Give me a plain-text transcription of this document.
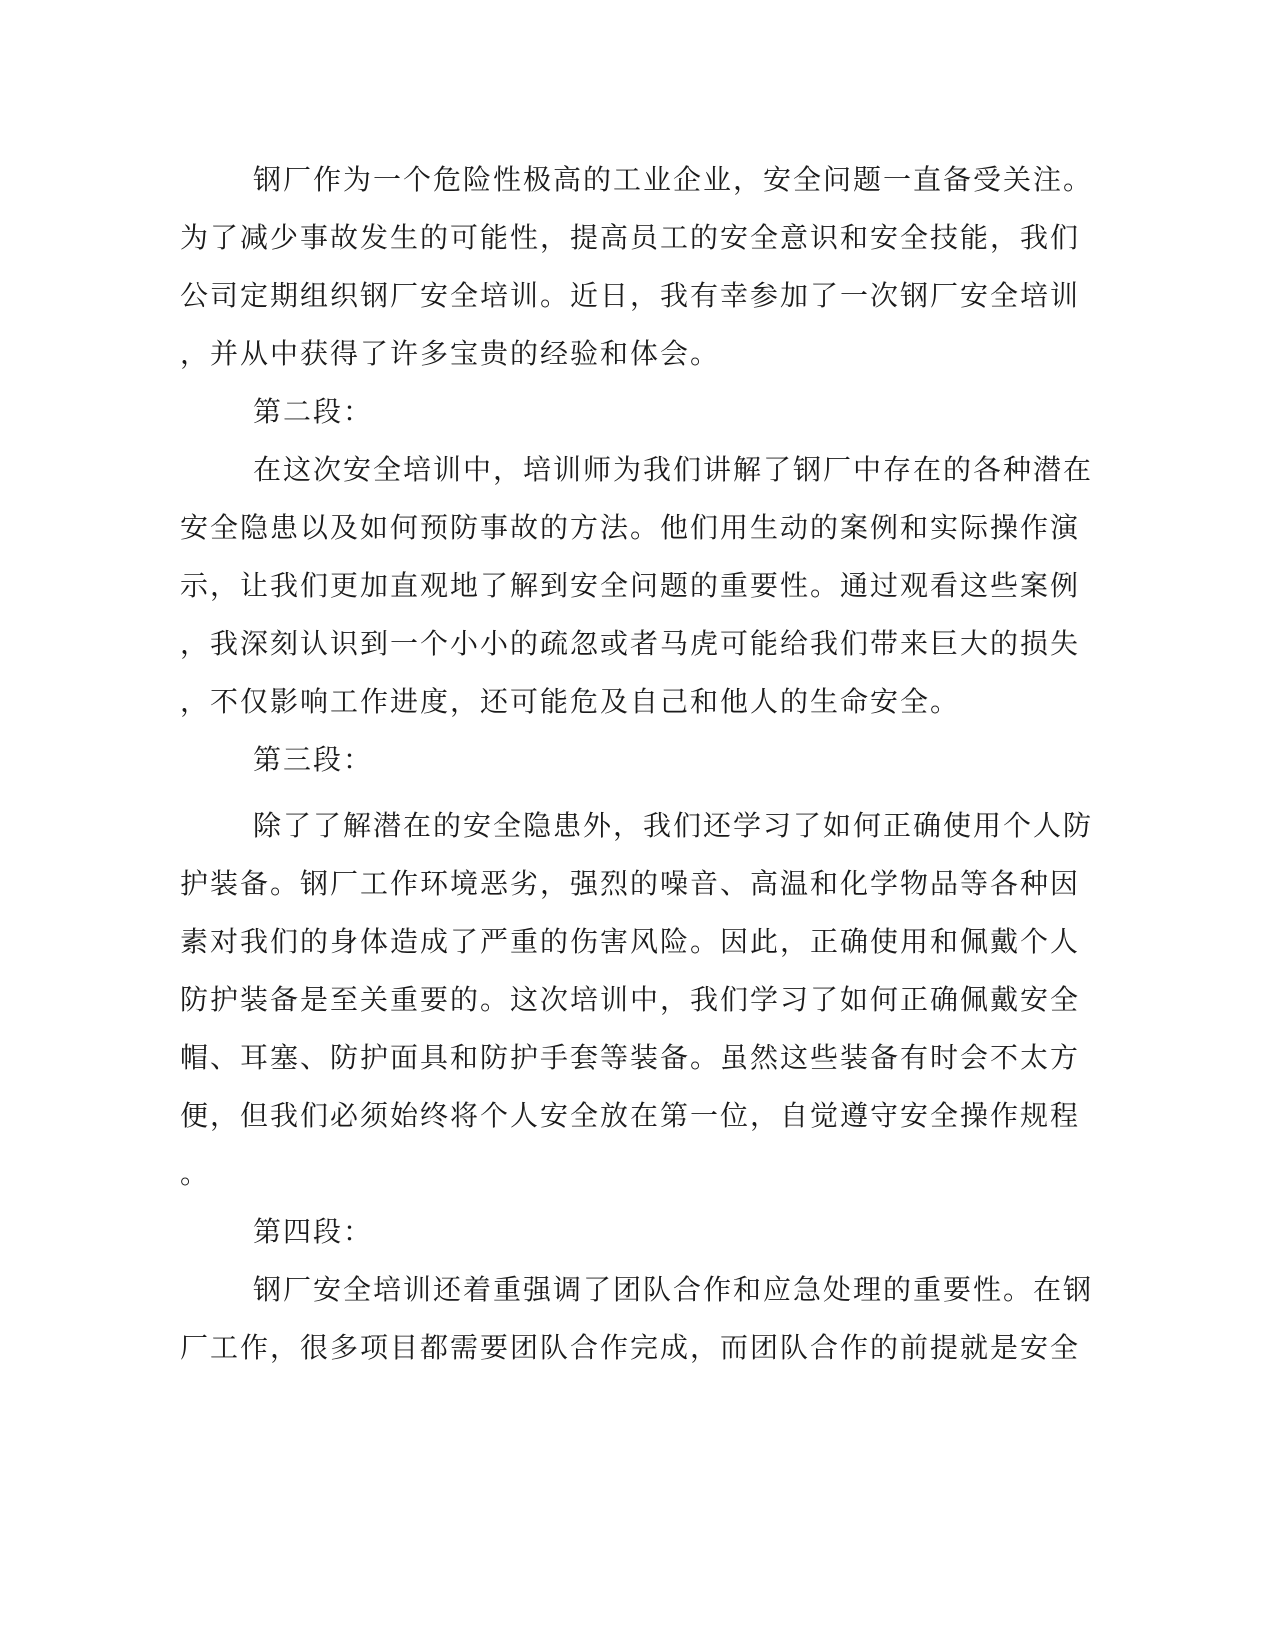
钢厂作为一个危险性极高的工业企业，安全问题一直备受关注。
为了减少事故发生的可能性，提高员工的安全意识和安全技能，我们
公司定期组织钢厂安全培训。近日，我有幸参加了一次钢厂安全培训
，并从中获得了许多宝贵的经验和体会。
第二段：
在这次安全培训中，培训师为我们讲解了钢厂中存在的各种潜在
安全隐患以及如何预防事故的方法。他们用生动的案例和实际操作演
示，让我们更加直观地了解到安全问题的重要性。通过观看这些案例
，我深刻认识到一个小小的疏忽或者马虎可能给我们带来巨大的损失
，不仅影响工作进度，还可能危及自己和他人的生命安全。
第三段：
除了了解潜在的安全隐患外，我们还学习了如何正确使用个人防
护装备。钢厂工作环境恶劣，强烈的噪音、高温和化学物品等各种因
素对我们的身体造成了严重的伤害风险。因此，正确使用和佩戴个人
防护装备是至关重要的。这次培训中，我们学习了如何正确佩戴安全
帽、耳塞、防护面具和防护手套等装备。虽然这些装备有时会不太方
便，但我们必须始终将个人安全放在第一位，自觉遵守安全操作规程
。
第四段：
钢厂安全培训还着重强调了团队合作和应急处理的重要性。在钢
厂工作，很多项目都需要团队合作完成，而团队合作的前提就是安全
